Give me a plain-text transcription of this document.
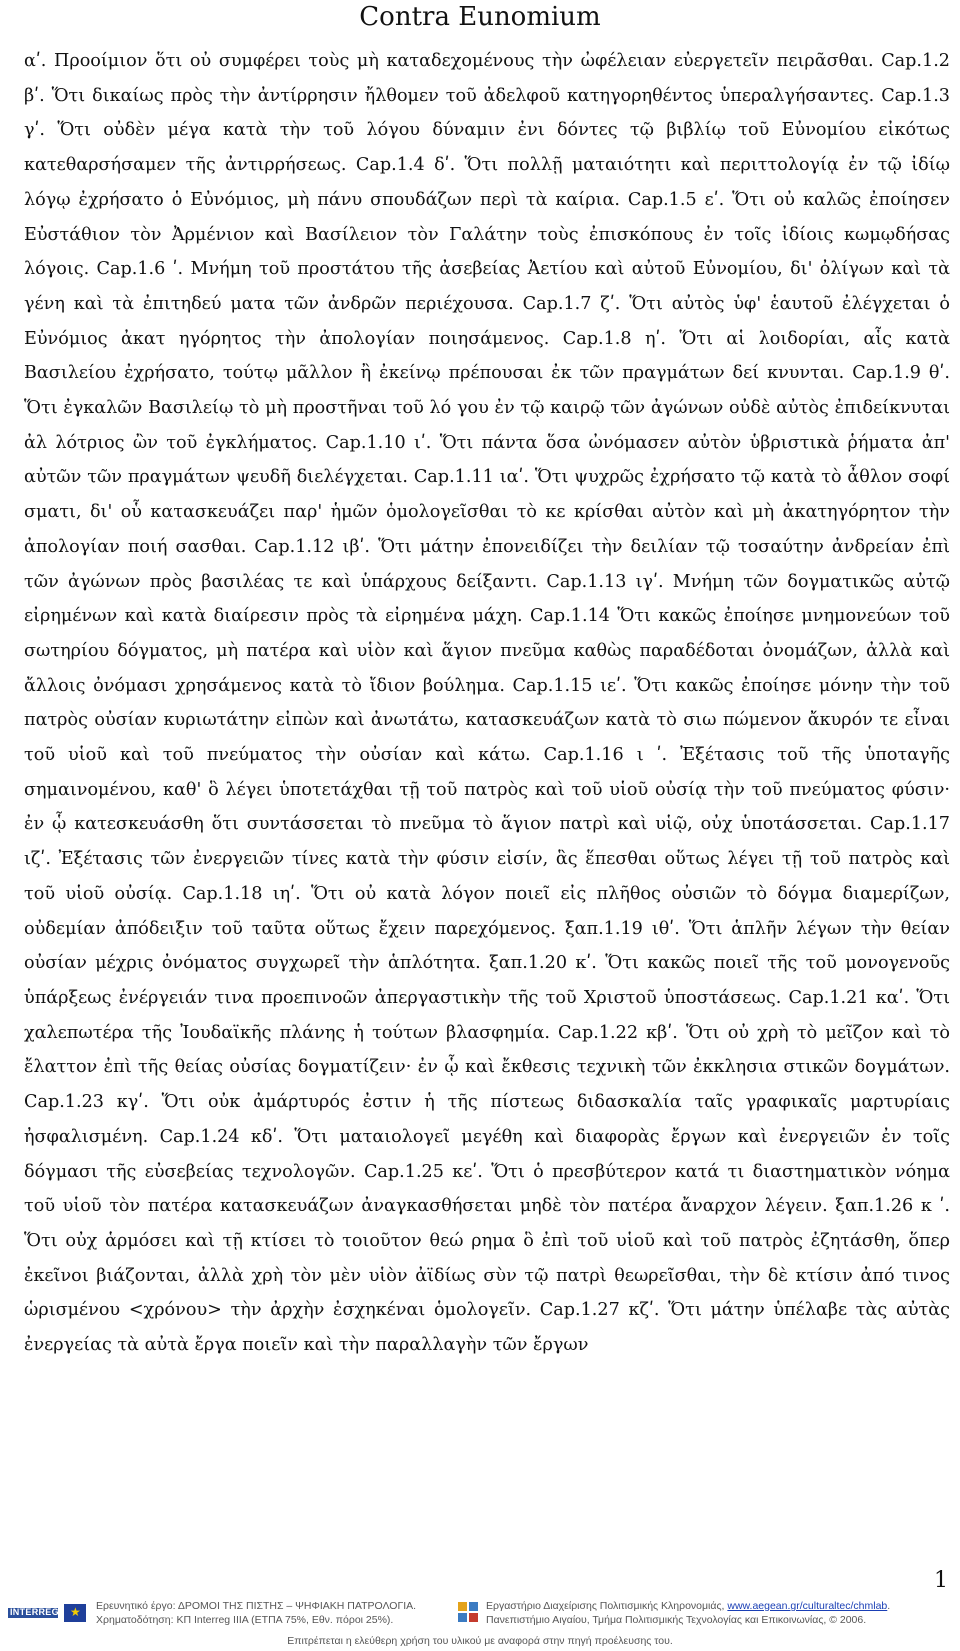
Contra Eunomium
αʹ. Προοίμιον ὅτι οὐ συμφέρει τοὺς μὴ καταδεχομένους τὴν ὠφέλειαν εὐεργετεῖν πειρᾶσθαι. Cap.1.2 βʹ. Ὅτι δικαίως πρὸς τὴν ἀντίρρησιν ἤλθομεν τοῦ ἀδελφοῦ κατηγορηθέντος ὑπεραλγήσαντες. Cap.1.3 γʹ. Ὅτι οὐδὲν μέγα κατὰ τὴν τοῦ λόγου δύναμιν ἐνι δόντες τῷ βιβλίῳ τοῦ Εὐνομίου εἰκότως κατεθαρσήσαμεν τῆς ἀντιρρήσεως. Cap.1.4 δʹ. Ὅτι πολλῇ ματαιότητι καὶ περιττολογίᾳ ἐν τῷ ἰδίῳ λόγῳ ἐχρήσατο ὁ Εὐνόμιος, μὴ πάνυ σπουδάζων περὶ τὰ καίρια. Cap.1.5 εʹ. Ὅτι οὐ καλῶς ἐποίησεν Εὐστάθιον τὸν Ἀρμένιον καὶ Βασίλειον τὸν Γαλάτην τοὺς ἐπισκόπους ἐν τοῖς ἰδίοις κωμῳδήσας λόγοις. Cap.1.6 ʹ. Μνήμη τοῦ προστάτου τῆς ἀσεβείας Ἀετίου καὶ αὐτοῦ Εὐνομίου, δι' ὀλίγων καὶ τὰ γένη καὶ τὰ ἐπιτηδεύ ματα τῶν ἀνδρῶν περιέχουσα. Cap.1.7 ζʹ. Ὅτι αὐτὸς ὑφ' ἑαυτοῦ ἐλέγχεται ὁ Εὐνόμιος ἀκατ ηγόρητος τὴν ἀπολογίαν ποιησάμενος. Cap.1.8 ηʹ. Ὅτι αἱ λοιδορίαι, αἷς κατὰ Βασιλείου ἐχρήσατο, τούτῳ μᾶλλον ἢ ἐκείνῳ πρέπουσαι ἐκ τῶν πραγμάτων δεί κνυνται. Cap.1.9 θʹ. Ὅτι ἐγκαλῶν Βασιλείῳ τὸ μὴ προστῆναι τοῦ λό γου ἐν τῷ καιρῷ τῶν ἀγώνων οὐδὲ αὐτὸς ἐπιδείκνυται ἀλ λότριος ὢν τοῦ ἐγκλήματος. Cap.1.10 ιʹ. Ὅτι πάντα ὅσα ὠνόμασεν αὐτὸν ὑβριστικὰ ῥήματα ἀπ' αὐτῶν τῶν πραγμάτων ψευδῆ διελέγχεται. Cap.1.11 ιαʹ. Ὅτι ψυχρῶς ἐχρήσατο τῷ κατὰ τὸ ἆθλον σοφί σματι, δι' οὗ κατασκευάζει παρ' ἡμῶν ὁμολογεῖσθαι τὸ κε κρίσθαι αὐτὸν καὶ μὴ ἀκατηγόρητον τὴν ἀπολογίαν ποιή σασθαι. Cap.1.12 ιβʹ. Ὅτι μάτην ἐπονειδίζει τὴν δειλίαν τῷ τοσαύτην ἀνδρείαν ἐπὶ τῶν ἀγώνων πρὸς βασιλέας τε καὶ ὑπάρχους δείξαντι. Cap.1.13 ιγʹ. Μνήμη τῶν δογματικῶς αὐτῷ εἰρημένων καὶ κατὰ διαίρεσιν πρὸς τὰ εἰρημένα μάχη. Cap.1.14 Ὅτι κακῶς ἐποίησε μνημονεύων τοῦ σωτηρίου δόγματος, μὴ πατέρα καὶ υἱὸν καὶ ἅγιον πνεῦμα καθὼς παραδέδοται ὀνομάζων, ἀλλὰ καὶ ἄλλοις ὀνόμασι χρησάμενος κατὰ τὸ ἴδιον βούλημα. Cap.1.15 ιεʹ. Ὅτι κακῶς ἐποίησε μόνην τὴν τοῦ πατρὸς οὐσίαν κυριωτάτην εἰπὼν καὶ ἀνωτάτω, κατασκευάζων κατὰ τὸ σιω πώμενον ἄκυρόν τε εἶναι τοῦ υἱοῦ καὶ τοῦ πνεύματος τὴν οὐσίαν καὶ κάτω. Cap.1.16 ι ʹ. Ἐξέτασις τοῦ τῆς ὑποταγῆς σημαινομένου, καθ' ὃ λέγει ὑποτετάχθαι τῇ τοῦ πατρὸς καὶ τοῦ υἱοῦ οὐσίᾳ τὴν τοῦ πνεύματος φύσιν· ἐν ᾧ κατεσκευάσθη ὅτι συντάσσεται τὸ πνεῦμα τὸ ἅγιον πατρὶ καὶ υἱῷ, οὐχ ὑποτάσσεται. Cap.1.17 ιζʹ. Ἐξέτασις τῶν ἐνεργειῶν τίνες κατὰ τὴν φύσιν εἰσίν, ἃς ἕπεσθαι οὕτως λέγει τῇ τοῦ πατρὸς καὶ τοῦ υἱοῦ οὐσίᾳ. Cap.1.18 ιηʹ. Ὅτι οὐ κατὰ λόγον ποιεῖ εἰς πλῆθος οὐσιῶν τὸ δόγμα διαμερίζων, οὐδεμίαν ἀπόδειξιν τοῦ ταῦτα οὕτως ἔχειν παρεχόμενος. ξαπ.1.19 ιθʹ. Ὅτι ἁπλῆν λέγων τὴν θείαν οὐσίαν μέχρις ὀνόματος συγχωρεῖ τὴν ἁπλότητα. ξαπ.1.20 κʹ. Ὅτι κακῶς ποιεῖ τῆς τοῦ μονογενοῦς ὑπάρξεως ἐνέργειάν τινα προεπινοῶν ἀπεργαστικὴν τῆς τοῦ Χριστοῦ ὑποστάσεως. Cap.1.21 καʹ. Ὅτι χαλεπωτέρα τῆς Ἰουδαϊκῆς πλάνης ἡ τούτων βλασφημία. Cap.1.22 κβʹ. Ὅτι οὐ χρὴ τὸ μεῖζον καὶ τὸ ἔλαττον ἐπὶ τῆς θείας οὐσίας δογματίζειν· ἐν ᾧ καὶ ἔκθεσις τεχνικὴ τῶν ἐκκλησια στικῶν δογμάτων. Cap.1.23 κγʹ. Ὅτι οὐκ ἀμάρτυρός ἐστιν ἡ τῆς πίστεως διδασκαλία ταῖς γραφικαῖς μαρτυρίαις ἠσφαλισμένη. Cap.1.24 κδʹ. Ὅτι ματαιολογεῖ μεγέθη καὶ διαφορὰς ἔργων καὶ ἐνεργειῶν ἐν τοῖς δόγμασι τῆς εὐσεβείας τεχνολογῶν. Cap.1.25 κεʹ. Ὅτι ὁ πρεσβύτερον κατά τι διαστηματικὸν νόημα τοῦ υἱοῦ τὸν πατέρα κατασκευάζων ἀναγκασθήσεται μηδὲ τὸν πατέρα ἄναρχον λέγειν. ξαπ.1.26 κ ʹ. Ὅτι οὐχ ἁρμόσει καὶ τῇ κτίσει τὸ τοιοῦτον θεώ ρημα ὃ ἐπὶ τοῦ υἱοῦ καὶ τοῦ πατρὸς ἐζητάσθη, ὅπερ ἐκεῖνοι βιάζονται, ἀλλὰ χρὴ τὸν μὲν υἱὸν ἀϊδίως σὺν τῷ πατρὶ θεωρεῖσθαι, τὴν δὲ κτίσιν ἀπό τινος ὡρισμένου <χρόνου> τὴν ἀρχὴν ἐσχηκέναι ὁμολογεῖν. Cap.1.27 κζʹ. Ὅτι μάτην ὑπέλαβε τὰς αὐτὰς ἐνεργείας τὰ αὐτὰ ἔργα ποιεῖν καὶ τὴν παραλλαγὴν τῶν ἔργων
1
INTERREG
★	Ερευνητικό έργο: ΔΡΟΜΟΙ ΤΗΣ ΠΙΣΤΗΣ – ΨΗΦΙΑΚΗ ΠΑΤΡΟΛΟΓΙΑ.
Χρηματοδότηση: ΚΠ Interreg IIIA (ΕΤΠΑ 75%, Εθν. πόροι 25%).
Εργαστήριο Διαχείρισης Πολιτισμικής Κληρονομιάς, www.aegean.gr/culturaltec/chmlab.
Πανεπιστήμιο Αιγαίου, Τμήμα Πολιτισμικής Τεχνολογίας και Επικοινωνίας, © 2006.
Επιτρέπεται η ελεύθερη χρήση του υλικού με αναφορά στην πηγή προέλευσης του.
